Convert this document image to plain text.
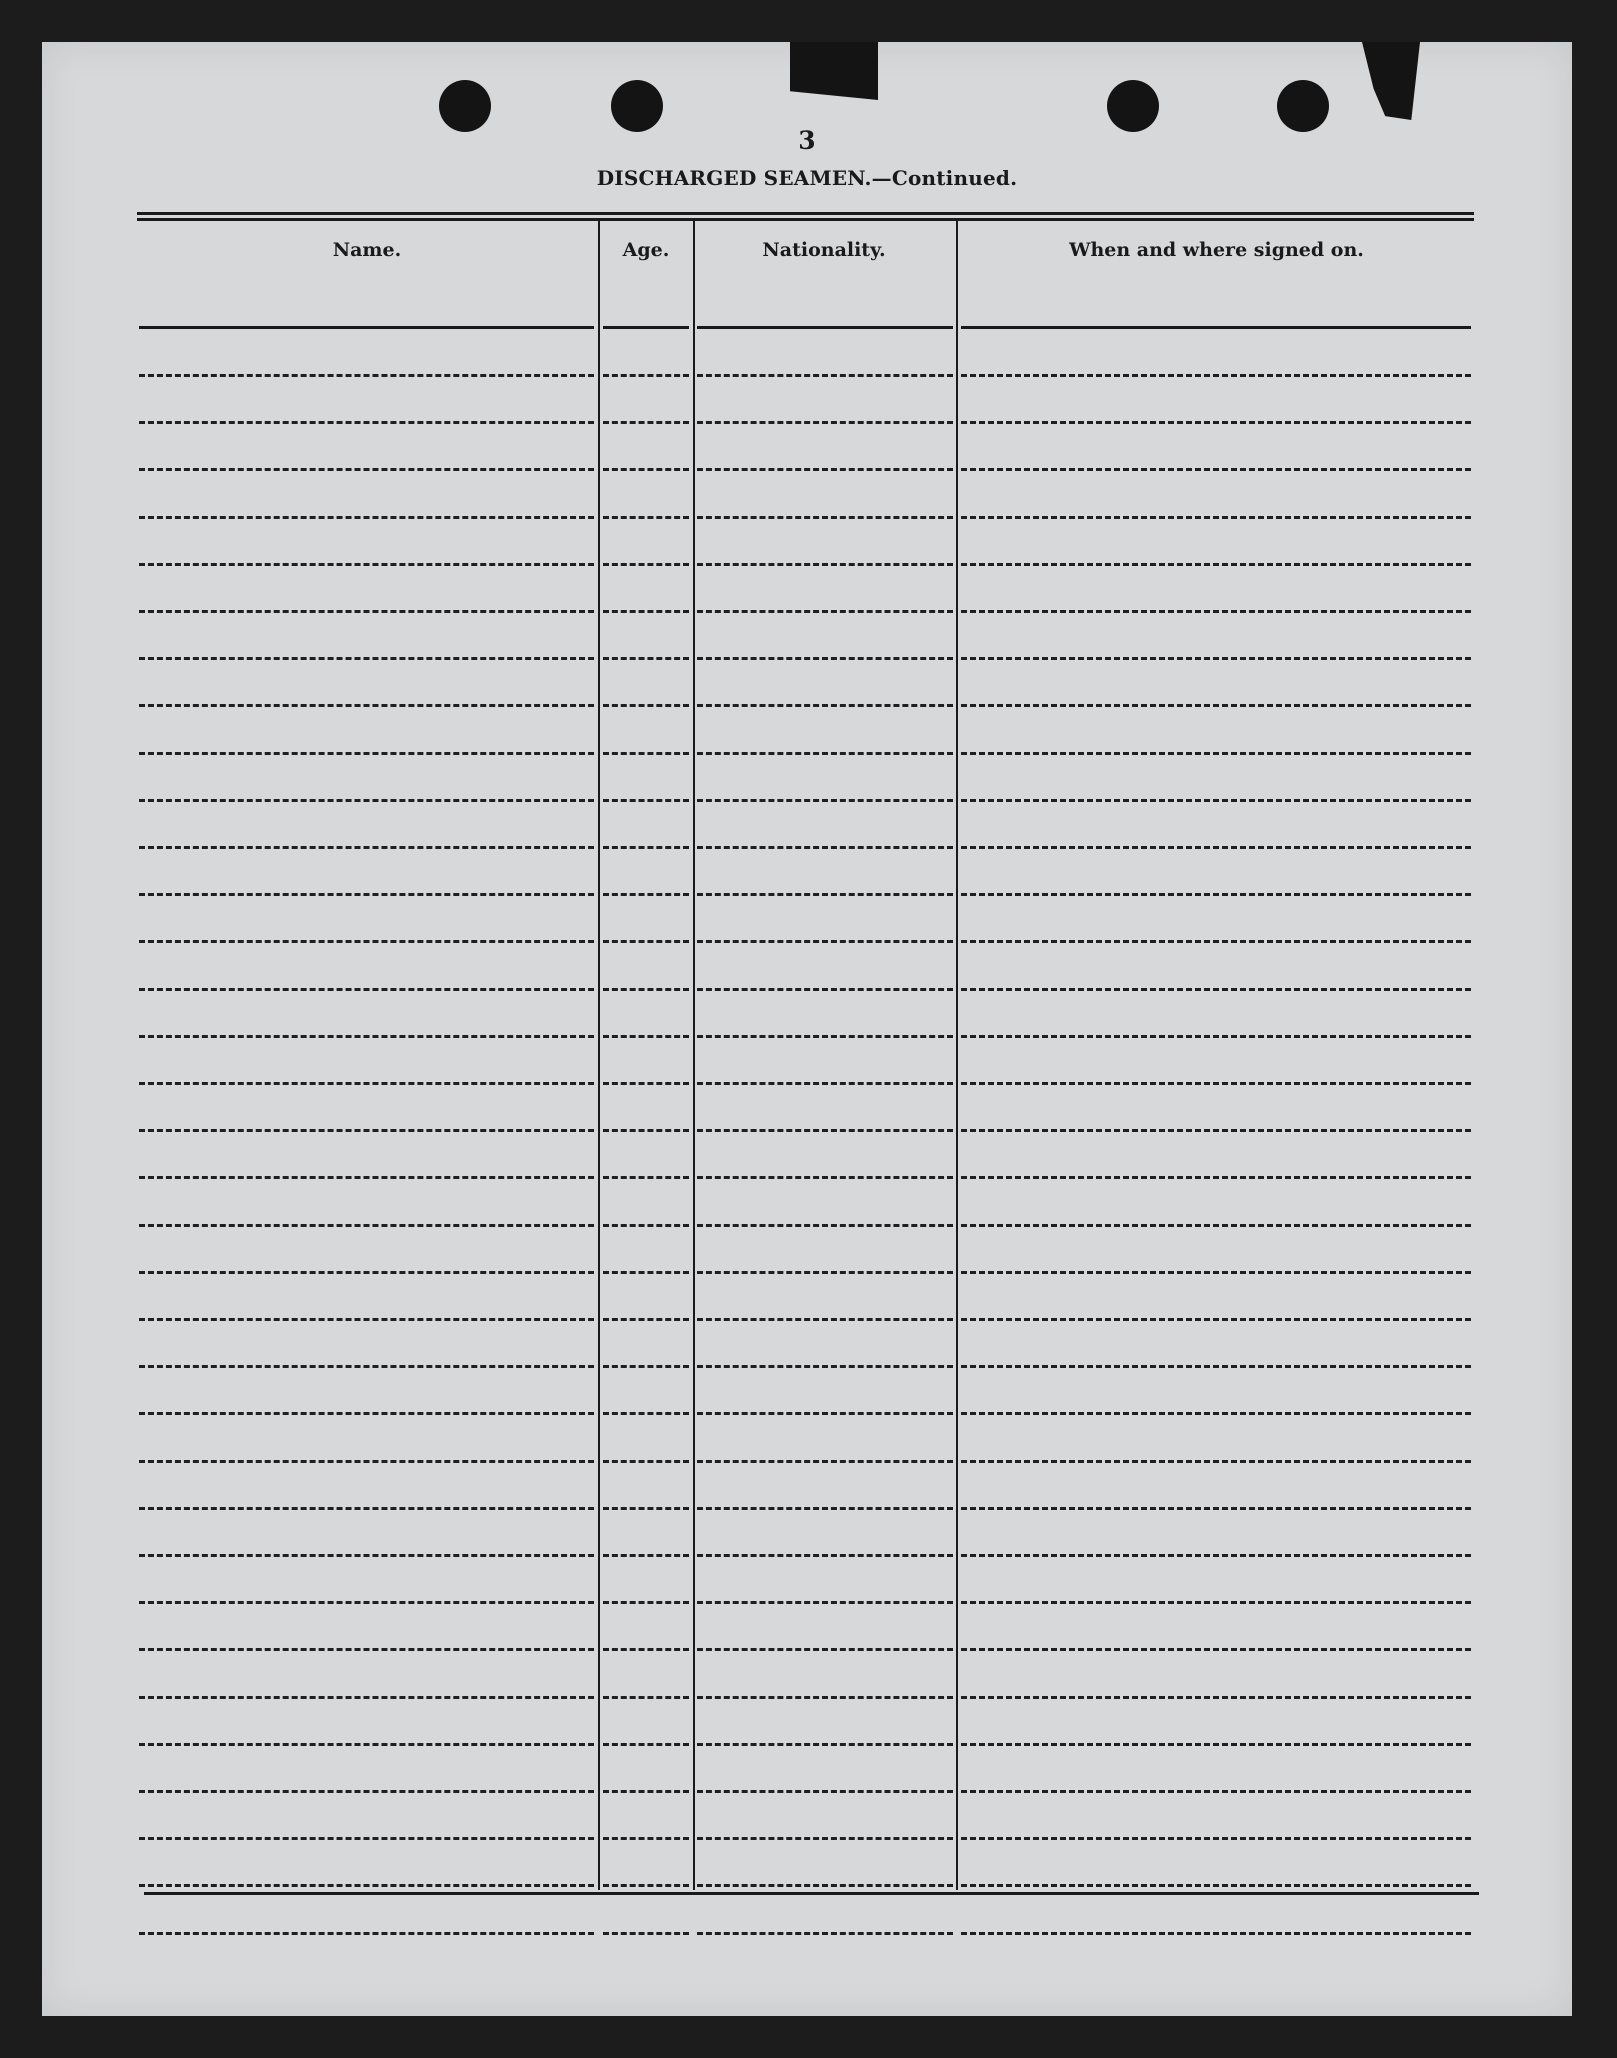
3
DISCHARGED SEAMEN.—Continued.
Name.	Age.	Nationality.	When and where signed on.
